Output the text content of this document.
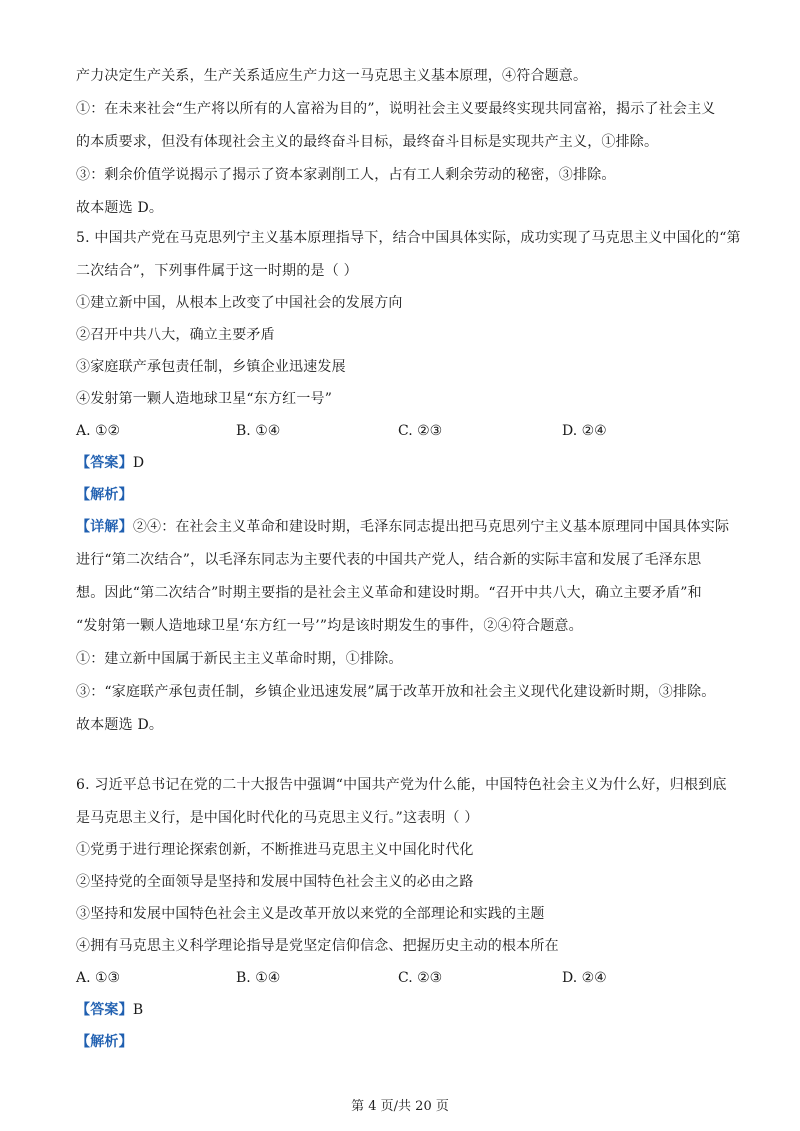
产力决定生产关系，生产关系适应生产力这一马克思主义基本原理，④符合题意。
①：在未来社会“生产将以所有的人富裕为目的”，说明社会主义要最终实现共同富裕，揭示了社会主义
的本质要求，但没有体现社会主义的最终奋斗目标，最终奋斗目标是实现共产主义，①排除。
③：剩余价值学说揭示了揭示了资本家剥削工人，占有工人剩余劳动的秘密，③排除。
故本题选 D。
5. 中国共产党在马克思列宁主义基本原理指导下，结合中国具体实际，成功实现了马克思主义中国化的“第
二次结合”，下列事件属于这一时期的是（ ）
①建立新中国，从根本上改变了中国社会的发展方向
②召开中共八大，确立主要矛盾
③家庭联产承包责任制，乡镇企业迅速发展
④发射第一颗人造地球卫星“东方红一号”
A. ①②	B. ①④	C. ②③	D. ②④
【答案】D
【解析】
【详解】②④：在社会主义革命和建设时期，毛泽东同志提出把马克思列宁主义基本原理同中国具体实际
进行“第二次结合”，以毛泽东同志为主要代表的中国共产党人，结合新的实际丰富和发展了毛泽东思
想。因此“第二次结合”时期主要指的是社会主义革命和建设时期。“召开中共八大，确立主要矛盾”和
“发射第一颗人造地球卫星‘东方红一号’”均是该时期发生的事件，②④符合题意。
①：建立新中国属于新民主主义革命时期，①排除。
③：“家庭联产承包责任制，乡镇企业迅速发展”属于改革开放和社会主义现代化建设新时期，③排除。
故本题选 D。
6. 习近平总书记在党的二十大报告中强调“中国共产党为什么能，中国特色社会主义为什么好，归根到底
是马克思主义行，是中国化时代化的马克思主义行。”这表明（ ）
①党勇于进行理论探索创新，不断推进马克思主义中国化时代化
②坚持党的全面领导是坚持和发展中国特色社会主义的必由之路
③坚持和发展中国特色社会主义是改革开放以来党的全部理论和实践的主题
④拥有马克思主义科学理论指导是党坚定信仰信念、把握历史主动的根本所在
A. ①③	B. ①④	C. ②③	D. ②④
【答案】B
【解析】
第 4 页/共 20 页
